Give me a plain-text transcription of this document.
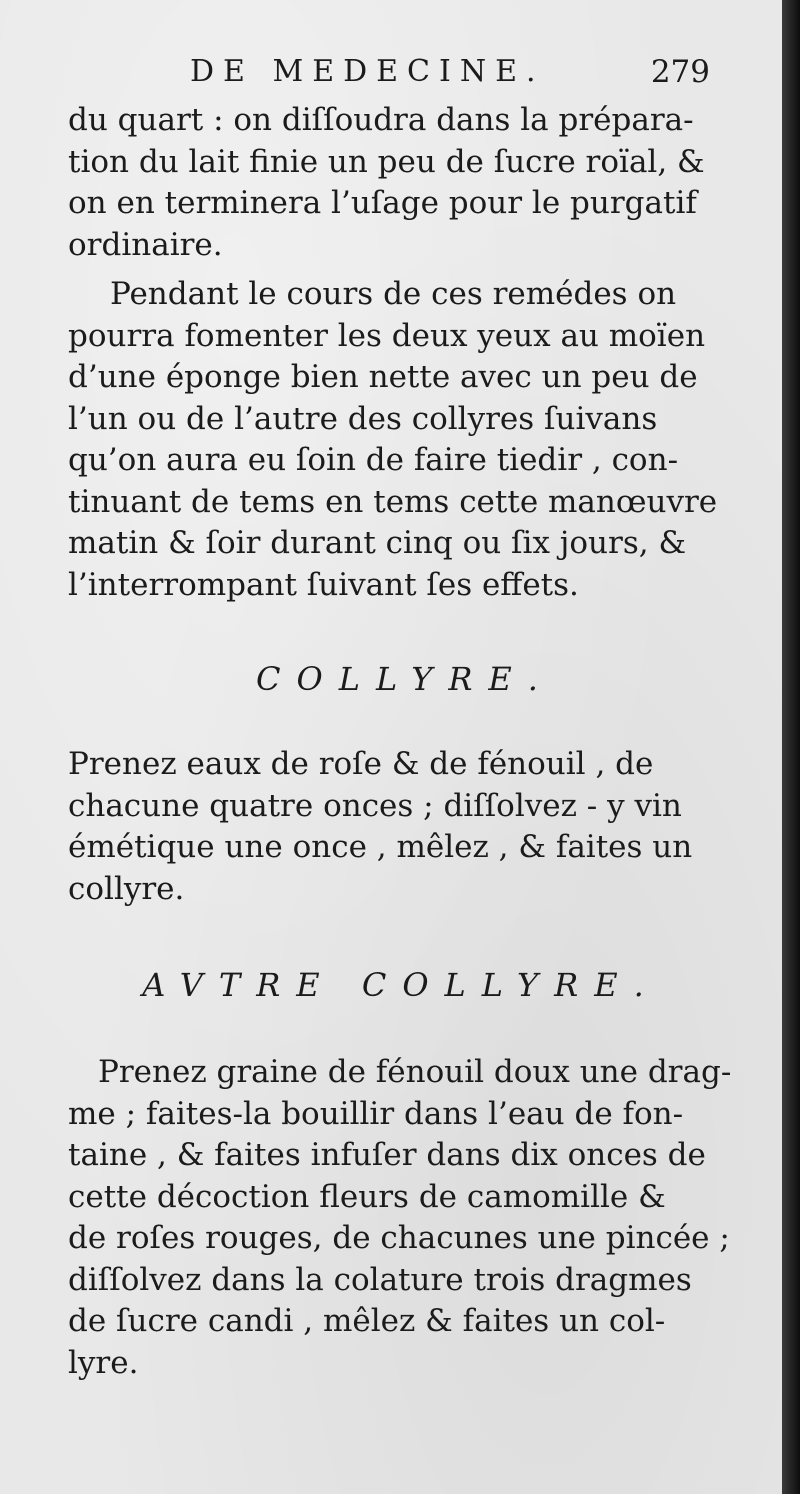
DE MEDECINE.	279

du quart : on diſſoudra dans la prépara-
tion du lait finie un peu de ſucre roïal, &
on en terminera l’uſage pour le purgatif
ordinaire.

Pendant le cours de ces remédes on
pourra fomenter les deux yeux au moïen
d’une éponge bien nette avec un peu de
l’un ou de l’autre des collyres ſuivans
qu’on aura eu ſoin de faire tiedir , con-
tinuant de tems en tems cette manœuvre
matin & ſoir durant cinq ou ſix jours, &
l’interrompant ſuivant ſes effets.

COLLYRE.

Prenez eaux de roſe & de fénouil , de
chacune quatre onces ; diſſolvez - y vin
émétique une once , mêlez , & faites un
collyre.

AVTRE COLLYRE.

Prenez graine de fénouil doux une drag-
me ; faites-la bouillir dans l’eau de fon-
taine , & faites infuſer dans dix onces de
cette décoction fleurs de camomille &
de roſes rouges, de chacunes une pincée ;
diſſolvez dans la colature trois dragmes
de ſucre candi , mêlez & faites un col-
lyre.
